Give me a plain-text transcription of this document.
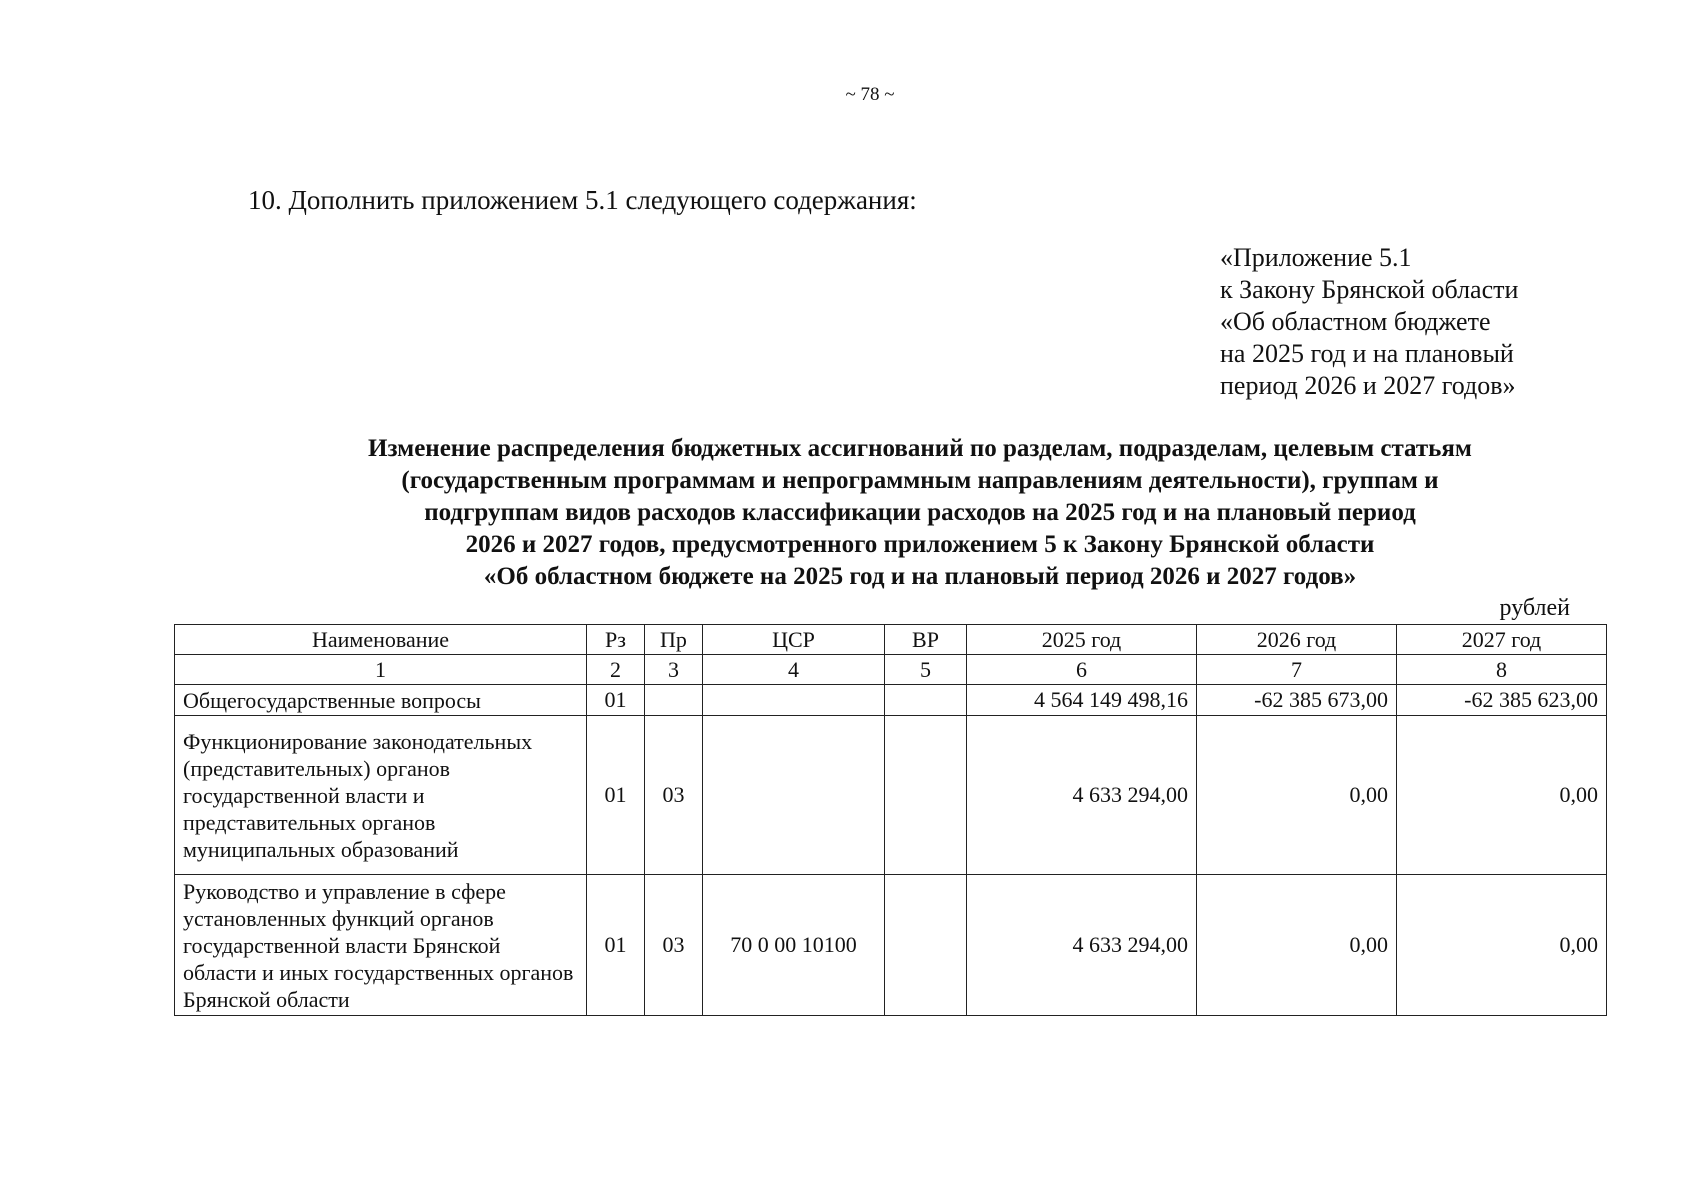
~ 78 ~
10. Дополнить приложением 5.1 следующего содержания:
«Приложение 5.1
к Закону Брянской области
«Об областном бюджете
на 2025 год и на плановый
период 2026 и 2027 годов»
Изменение распределения бюджетных ассигнований по разделам, подразделам, целевым статьям
(государственным программам и непрограммным направлениям деятельности), группам и
подгруппам видов расходов классификации расходов на 2025 год и на плановый период
2026 и 2027 годов, предусмотренного приложением 5 к Закону Брянской области
«Об областном бюджете на 2025 год и на плановый период 2026 и 2027 годов»
рублей
Наименование	Рз	Пр	ЦСР	ВР	2025 год	2026 год	2027 год
1	2	3	4	5	6	7	8
Общегосударственные вопросы	01				4 564 149 498,16	-62 385 673,00	-62 385 623,00
Функционирование законодательных (представительных) органов государственной власти и представительных органов муниципальных образований	01	03			4 633 294,00	0,00	0,00
Руководство и управление в сфере установленных функций органов государственной власти Брянской области и иных государственных органов Брянской области	01	03	70 0 00 10100		4 633 294,00	0,00	0,00
